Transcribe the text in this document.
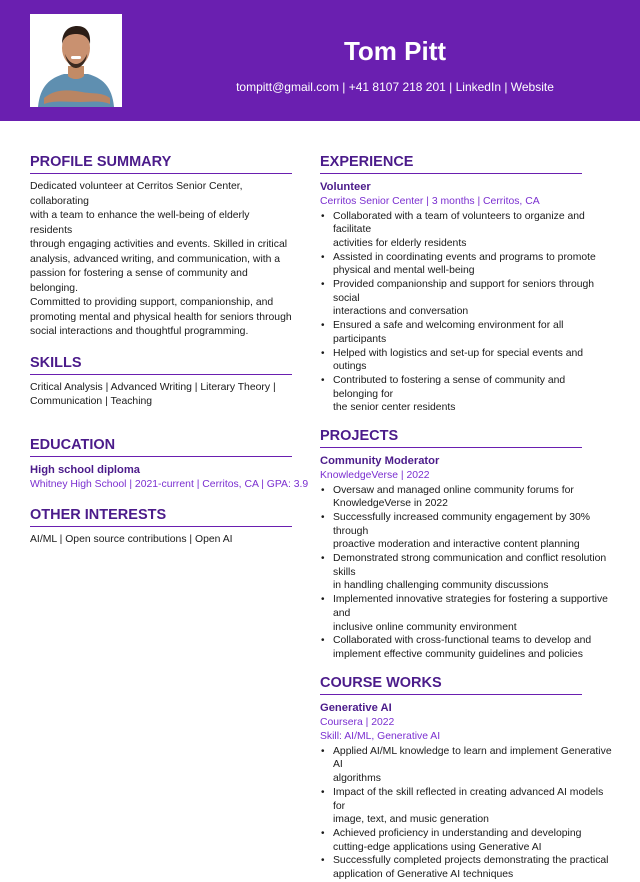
Tom Pitt
tompitt@gmail.com | +41 8107 218 201 | LinkedIn | Website
PROFILE SUMMARY
Dedicated volunteer at Cerritos Senior Center, collaborating
with a team to enhance the well-being of elderly residents
through engaging activities and events. Skilled in critical
analysis, advanced writing, and communication, with a
passion for fostering a sense of community and belonging.
Committed to providing support, companionship, and
promoting mental and physical health for seniors through
social interactions and thoughtful programming.
SKILLS
Critical Analysis | Advanced Writing | Literary Theory |
Communication | Teaching
EDUCATION
High school diploma
Whitney High School | 2021-current | Cerritos, CA | GPA: 3.9
OTHER INTERESTS
AI/ML | Open source contributions | Open AI
EXPERIENCE
Volunteer
Cerritos Senior Center | 3 months | Cerritos, CA
• Collaborated with a team of volunteers to organize and facilitate
activities for elderly residents
• Assisted in coordinating events and programs to promote
physical and mental well-being
• Provided companionship and support for seniors through social
interactions and conversation
• Ensured a safe and welcoming environment for all participants
• Helped with logistics and set-up for special events and outings
• Contributed to fostering a sense of community and belonging for
the senior center residents
PROJECTS
Community Moderator
KnowledgeVerse | 2022
• Oversaw and managed online community forums for
KnowledgeVerse in 2022
• Successfully increased community engagement by 30% through
proactive moderation and interactive content planning
• Demonstrated strong communication and conflict resolution skills
in handling challenging community discussions
• Implemented innovative strategies for fostering a supportive and
inclusive online community environment
• Collaborated with cross-functional teams to develop and
implement effective community guidelines and policies
COURSE WORKS
Generative AI
Coursera | 2022
Skill: AI/ML, Generative AI
• Applied AI/ML knowledge to learn and implement Generative AI
algorithms
• Impact of the skill reflected in creating advanced AI models for
image, text, and music generation
• Achieved proficiency in understanding and developing
cutting-edge applications using Generative AI
• Successfully completed projects demonstrating the practical
application of Generative AI techniques
